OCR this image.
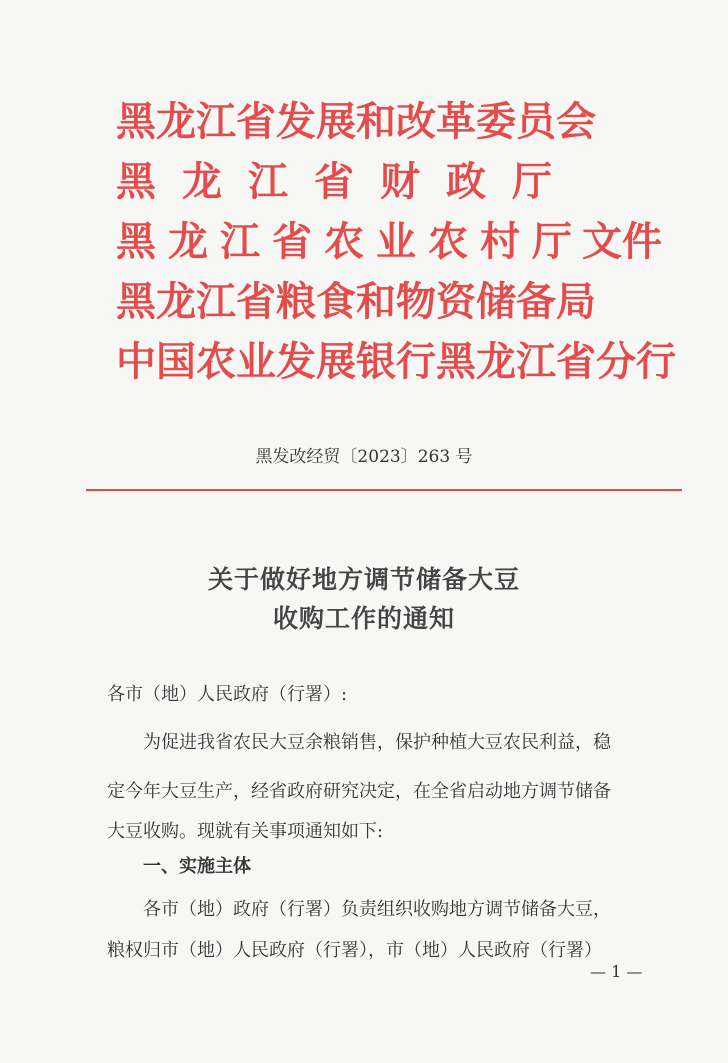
黑龙江省发展和改革委员会
黑龙江省财政厅
黑龙江省农业农村厅
黑龙江省粮食和物资储备局
中国农业发展银行黑龙江省分行
文件
黑发改经贸〔2023〕263 号
关于做好地方调节储备大豆
收购工作的通知
各市（地）人民政府（行署）:
为促进我省农民大豆余粮销售，保护种植大豆农民利益，稳
定今年大豆生产，经省政府研究决定，在全省启动地方调节储备
大豆收购。现就有关事项通知如下:
一、实施主体
各市（地）政府（行署）负责组织收购地方调节储备大豆，
粮权归市（地）人民政府（行署），市（地）人民政府（行署）
— 1 —
